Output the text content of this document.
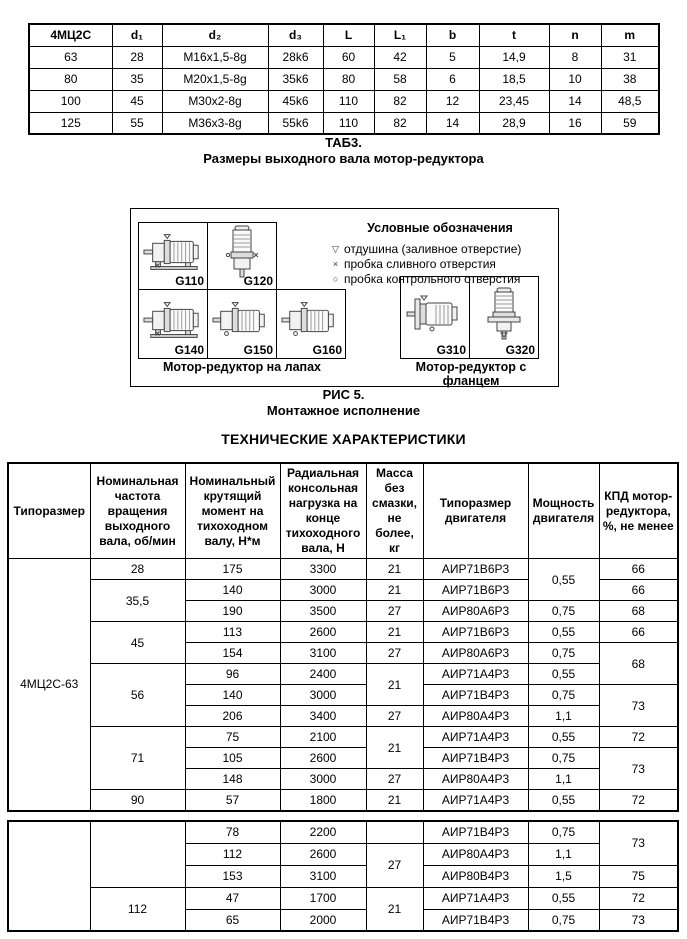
4МЦ2С	d₁	d₂	d₃	L	L₁	b	t	n	m
63	28	М16х1,5-8g	28k6	60	42	5	14,9	8	31
80	35	М20х1,5-8g	35k6	80	58	6	18,5	10	38
100	45	М30х2-8g	45k6	110	82	12	23,45	14	48,5
125	55	М36х3-8g	55k6	110	82	14	28,9	16	59
ТАБ3.
Размеры выходного вала мотор-редуктора
G110	G120
G140	G150	G160	G310	G320
Условные обозначения
▽ отдушина (заливное отверстие)
× пробка сливного отверстия
○ пробка контрольного отверстия
Мотор-редуктор на лапах	Мотор-редуктор с фланцем
РИС 5.
Монтажное исполнение
ТЕХНИЧЕСКИЕ ХАРАКТЕРИСТИКИ
Типоразмер	Номинальная частота вращения выходного вала, об/мин	Номинальный крутящий момент на тихоходном валу, Н*м	Радиальная консольная нагрузка на конце тихоходного вала, Н	Масса без смазки, не более, кг	Типоразмер двигателя	Мощность двигателя	КПД мотор-редуктора, %, не менее
4МЦ2С-63	28	175	3300	21	АИР71В6Р3	0,55	66
	35,5	140	3000	21	АИР71В6Р3		66
		190	3500	27	АИР80А6Р3	0,75	68
	45	113	2600	21	АИР71В6Р3	0,55	66
		154	3100	27	АИР80А6Р3	0,75	68
	56	96	2400	21	АИР71А4Р3	0,55	
		140	3000		АИР71В4Р3	0,75	73
		206	3400	27	АИР80А4Р3	1,1	
	71	75	2100	21	АИР71А4Р3	0,55	72
		105	2600		АИР71В4Р3	0,75	73
		148	3000	27	АИР80А4Р3	1,1	
	90	57	1800	21	АИР71А4Р3	0,55	72
		78	2200		АИР71В4Р3	0,75	73
		112	2600	27	АИР80А4Р3	1,1	
		153	3100		АИР80В4Р3	1,5	75
	112	47	1700	21	АИР71А4Р3	0,55	72
		65	2000		АИР71В4Р3	0,75	73
